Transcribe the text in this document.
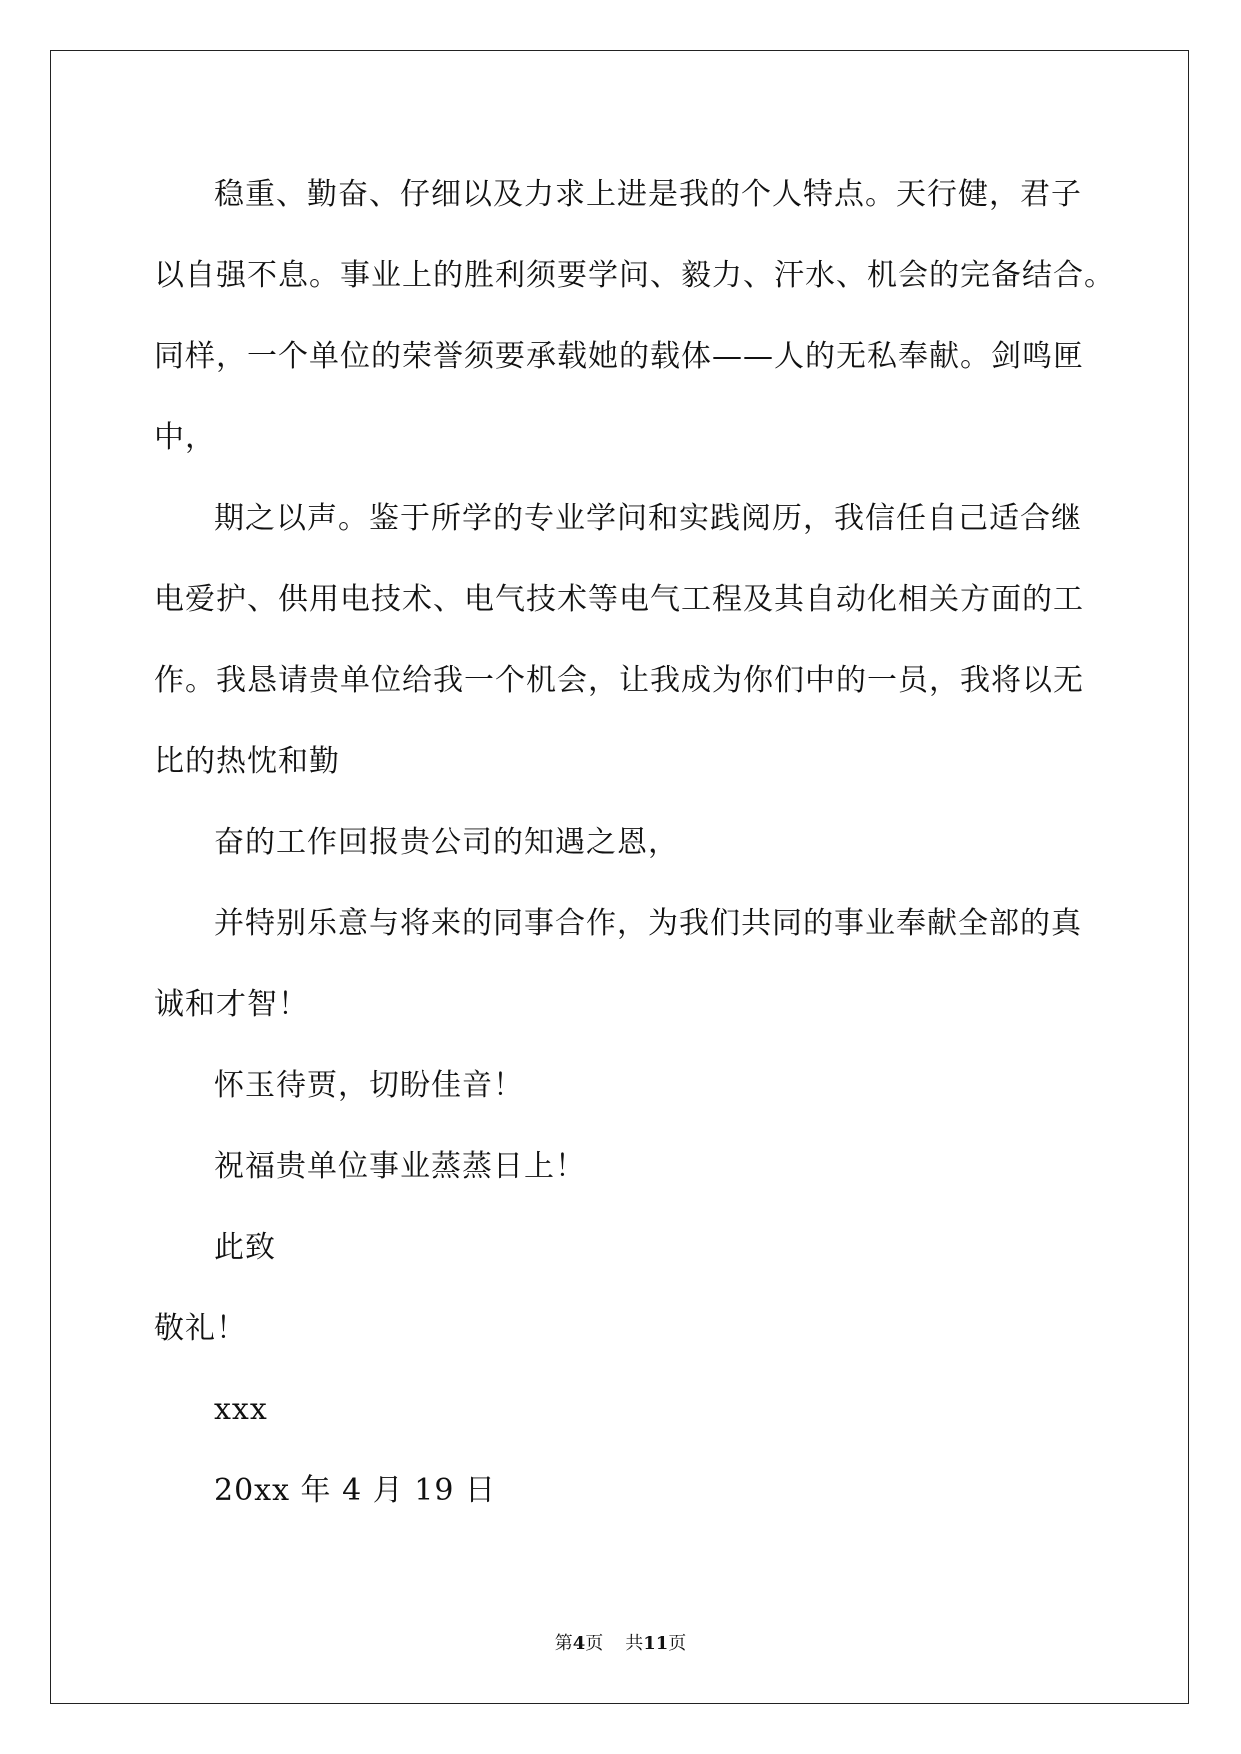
稳重、勤奋、仔细以及力求上进是我的个人特点。天行健，君子
以自强不息。事业上的胜利须要学问、毅力、汗水、机会的完备结合。
同样，一个单位的荣誉须要承载她的载体——人的无私奉献。剑鸣匣
中，
期之以声。鉴于所学的专业学问和实践阅历，我信任自己适合继
电爱护、供用电技术、电气技术等电气工程及其自动化相关方面的工
作。我恳请贵单位给我一个机会，让我成为你们中的一员，我将以无
比的热忱和勤
奋的工作回报贵公司的知遇之恩，
并特别乐意与将来的同事合作，为我们共同的事业奉献全部的真
诚和才智！
怀玉待贾，切盼佳音！
祝福贵单位事业蒸蒸日上！
此致
敬礼！
xxx
20xx 年 4 月 19 日
第4页 共11页
